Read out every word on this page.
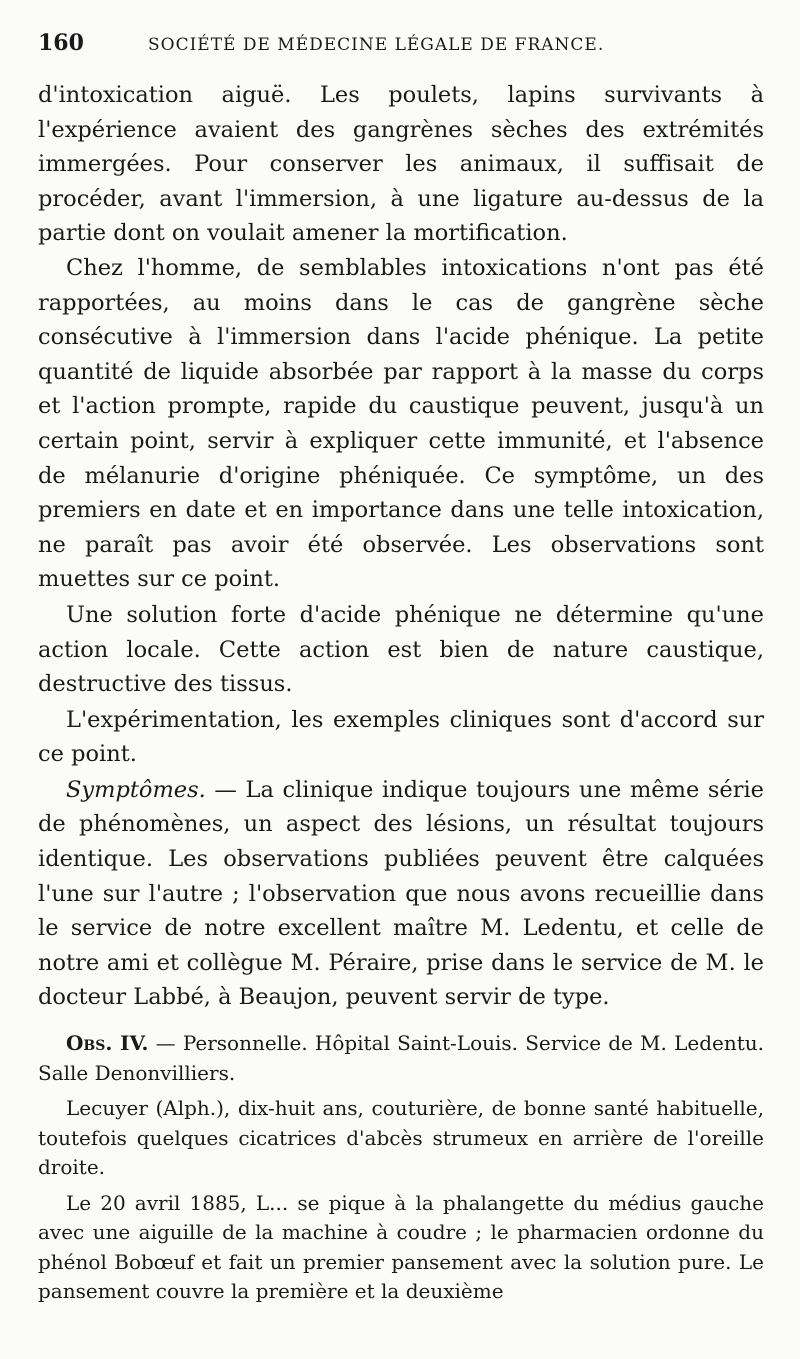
160	SOCIÉTÉ DE MÉDECINE LÉGALE DE FRANCE.

d'intoxication aiguë. Les poulets, lapins survivants à l'expérience avaient des gangrènes sèches des extrémités immergées. Pour conserver les animaux, il suffisait de procéder, avant l'immersion, à une ligature au-dessus de la partie dont on voulait amener la mortification.

Chez l'homme, de semblables intoxications n'ont pas été rapportées, au moins dans le cas de gangrène sèche consécutive à l'immersion dans l'acide phénique. La petite quantité de liquide absorbée par rapport à la masse du corps et l'action prompte, rapide du caustique peuvent, jusqu'à un certain point, servir à expliquer cette immunité, et l'absence de mélanurie d'origine phéniquée. Ce symptôme, un des premiers en date et en importance dans une telle intoxication, ne paraît pas avoir été observée. Les observations sont muettes sur ce point.

Une solution forte d'acide phénique ne détermine qu'une action locale. Cette action est bien de nature caustique, destructive des tissus.

L'expérimentation, les exemples cliniques sont d'accord sur ce point.

Symptômes. — La clinique indique toujours une même série de phénomènes, un aspect des lésions, un résultat toujours identique. Les observations publiées peuvent être calquées l'une sur l'autre ; l'observation que nous avons recueillie dans le service de notre excellent maître M. Ledentu, et celle de notre ami et collègue M. Péraire, prise dans le service de M. le docteur Labbé, à Beaujon, peuvent servir de type.

Obs. IV. — Personnelle. Hôpital Saint-Louis. Service de M. Ledentu. Salle Denonvilliers.

Lecuyer (Alph.), dix-huit ans, couturière, de bonne santé habituelle, toutefois quelques cicatrices d'abcès strumeux en arrière de l'oreille droite.

Le 20 avril 1885, L... se pique à la phalangette du médius gauche avec une aiguille de la machine à coudre ; le pharmacien ordonne du phénol Bobœuf et fait un premier pansement avec la solution pure. Le pansement couvre la première et la deuxième
